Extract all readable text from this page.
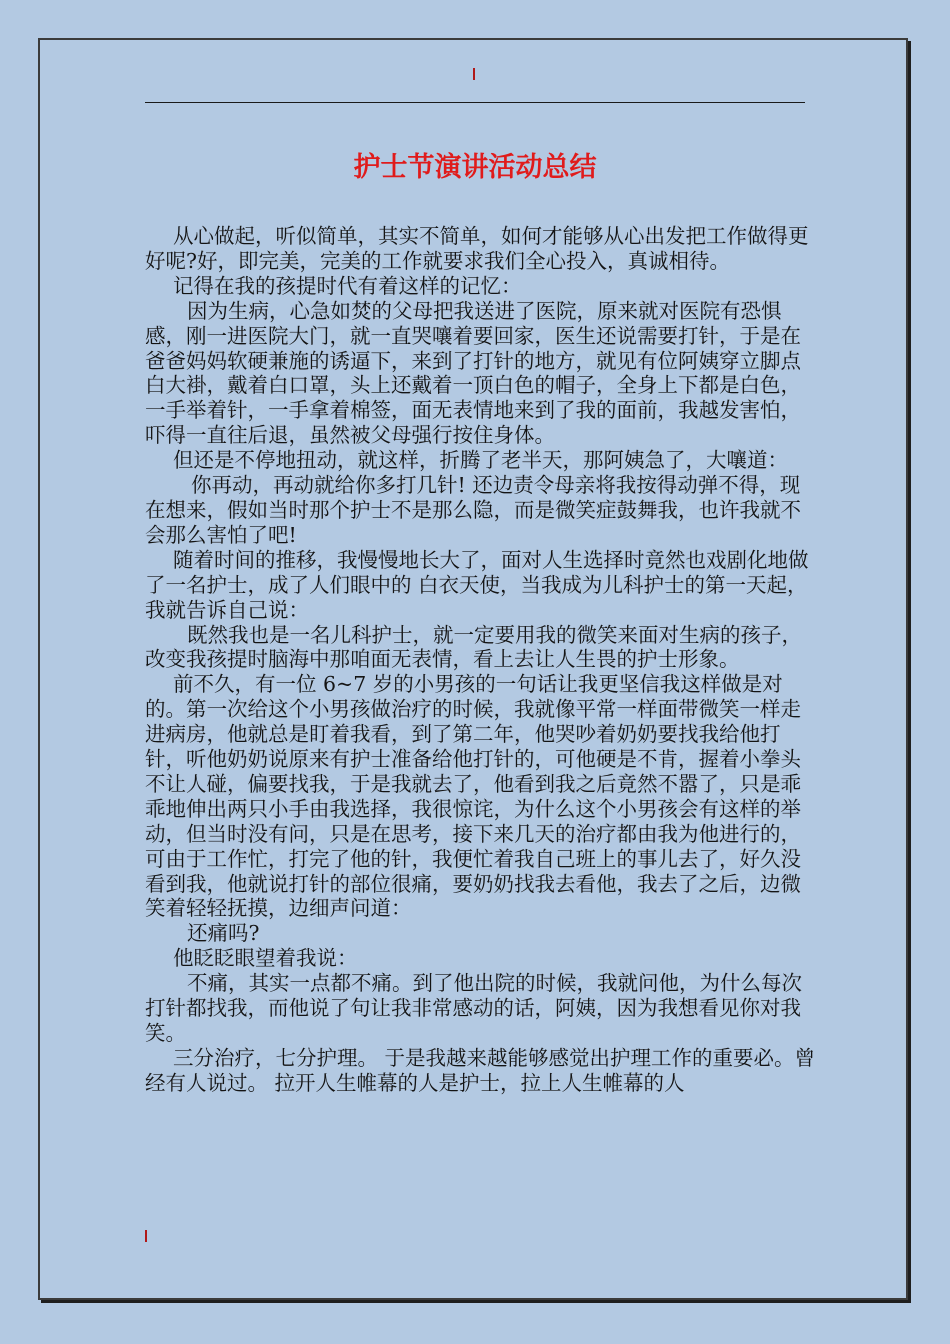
护士节演讲活动总结

从心做起，听似简单，其实不简单，如何才能够从心出发把工作做得更好呢?好，即完美，完美的工作就要求我们全心投入，真诚相待。

记得在我的孩提时代有着这样的记忆：

因为生病，心急如焚的父母把我送进了医院，原来就对医院有恐惧感，刚一进医院大门，就一直哭嚷着要回家，医生还说需要打针，于是在爸爸妈妈软硬兼施的诱逼下，来到了打针的地方，就见有位阿姨穿立脚点白大褂，戴着白口罩，头上还戴着一顶白色的帽子，全身上下都是白色，一手举着针，一手拿着棉签，面无表情地来到了我的面前，我越发害怕，吓得一直往后退，虽然被父母强行按住身体。

但还是不停地扭动，就这样，折腾了老半天，那阿姨急了，大嚷道：

你再动，再动就给你多打几针! 还边责令母亲将我按得动弹不得，现在想来，假如当时那个护士不是那么隐，而是微笑症鼓舞我，也许我就不会那么害怕了吧!

随着时间的推移，我慢慢地长大了，面对人生选择时竟然也戏剧化地做了一名护士，成了人们眼中的 白衣天使，当我成为儿科护士的第一天起，我就告诉自己说：

既然我也是一名儿科护士，就一定要用我的微笑来面对生病的孩子，改变我孩提时脑海中那咱面无表情，看上去让人生畏的护士形象。

前不久，有一位 6~7 岁的小男孩的一句话让我更坚信我这样做是对的。第一次给这个小男孩做治疗的时候，我就像平常一样面带微笑一样走进病房，他就总是盯着我看，到了第二年，他哭吵着奶奶要找我给他打针，听他奶奶说原来有护士准备给他打针的，可他硬是不肯，握着小拳头不让人碰，偏要找我，于是我就去了，他看到我之后竟然不嚣了，只是乖乖地伸出两只小手由我选择，我很惊诧，为什么这个小男孩会有这样的举动，但当时没有问，只是在思考，接下来几天的治疗都由我为他进行的，可由于工作忙，打完了他的针，我便忙着我自己班上的事儿去了，好久没看到我，他就说打针的部位很痛，要奶奶找我去看他，我去了之后，边微笑着轻轻抚摸，边细声问道：

还痛吗?

他眨眨眼望着我说：

不痛，其实一点都不痛。到了他出院的时候，我就问他，为什么每次打针都找我，而他说了句让我非常感动的话，阿姨，因为我想看见你对我笑。

三分治疗，七分护理。 于是我越来越能够感觉出护理工作的重要必。曾经有人说过。 拉开人生帷幕的人是护士，拉上人生帷幕的人
